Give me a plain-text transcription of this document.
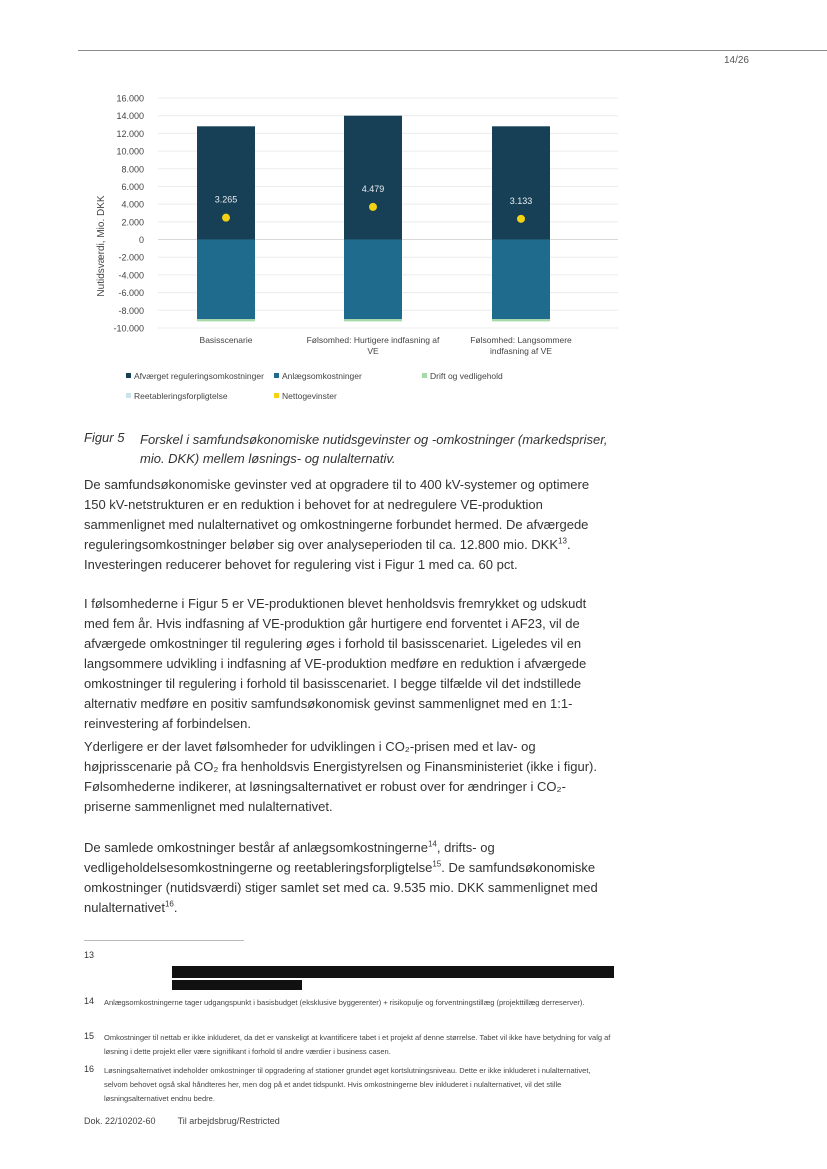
14/26
16.000
14.000
12.000
10.000
8.000
6.000
4.000
2.000
0
-2.000
-4.000
-6.000
-8.000
-10.000
Nutidsværdi, Mio. DKK	3.265
4.479
3.133
Basisscenarie	Følsomhed: Hurtigere indfasning af
VE
Følsomhed: Langsommere
indfasning af VE
Afværget reguleringsomkostninger Anlægsomkostninger	Drift og vedligehold
Reetableringsforpligtelse	Nettogevinster
Figur 5 Forskel i samfundsøkonomiske nutidsgevinster og -omkostninger (markedspriser, mio. DKK) mellem løsnings- og nulalternativ.

De samfundsøkonomiske gevinster ved at opgradere til to 400 kV-systemer og optimere 150 kV-netstrukturen er en reduktion i behovet for at nedregulere VE-produktion sammenlignet med nulalternativet og omkostningerne forbundet hermed. De afværgede reguleringsomkostninger beløber sig over analyseperioden til ca. 12.800 mio. DKK$^{13}$. Investeringen reducerer behovet for regulering vist i Figur 1 med ca. 60 pct.

I følsomhederne i Figur 5 er VE-produktionen blevet henholdsvis fremrykket og udskudt med fem år. Hvis indfasning af VE-produktion går hurtigere end forventet i AF23, vil de afværgede omkostninger til regulering øges i forhold til basisscenariet. Ligeledes vil en langsommere udvikling i indfasning af VE-produktion medføre en reduktion i afværgede omkostninger til regulering i forhold til basisscenariet. I begge tilfælde vil det indstillede alternativ medføre en positiv samfundsøkonomisk gevinst sammenlignet med en 1:1-reinvestering af forbindelsen.

Yderligere er der lavet følsomheder for udviklingen i CO₂-prisen med et lav- og højprisscenarie på CO₂ fra henholdsvis Energistyrelsen og Finansministeriet (ikke i figur). Følsomhederne indikerer, at løsningsalternativet er robust over for ændringer i CO₂-priserne sammenlignet med nulalternativet.

De samlede omkostninger består af anlægsomkostningerne$^{14}$, drifts- og vedligeholdelsesomkostningerne og reetableringsforpligtelse$^{15}$. De samfundsøkonomiske omkostninger (nutidsværdi) stiger samlet set med ca. 9.535 mio. DKK sammenlignet med nulalternativet$^{16}$.

13
14 Anlægsomkostningerne tager udgangspunkt i basisbudget (eksklusive byggerenter) + risikopulje og forventningstillæg (projekttillæg derreserver).

15 Omkostninger til nettab er ikke inkluderet, da det er vanskeligt at kvantificere tabet i et projekt af denne størrelse. Tabet vil ikke have betydning for valg af løsning i dette projekt eller være signifikant i forhold til andre værdier i business casen.

16 Løsningsalternativet indeholder omkostninger til opgradering af stationer grundet øget kortslutningsniveau. Dette er ikke inkluderet i nulalternativet, selvom behovet også skal håndteres her, men dog på et andet tidspunkt. Hvis omkostningerne blev inkluderet i nulalternativet, vil det stille løsningsalternativet endnu bedre.

Dok. 22/10202-60 Til arbejdsbrug/Restricted
